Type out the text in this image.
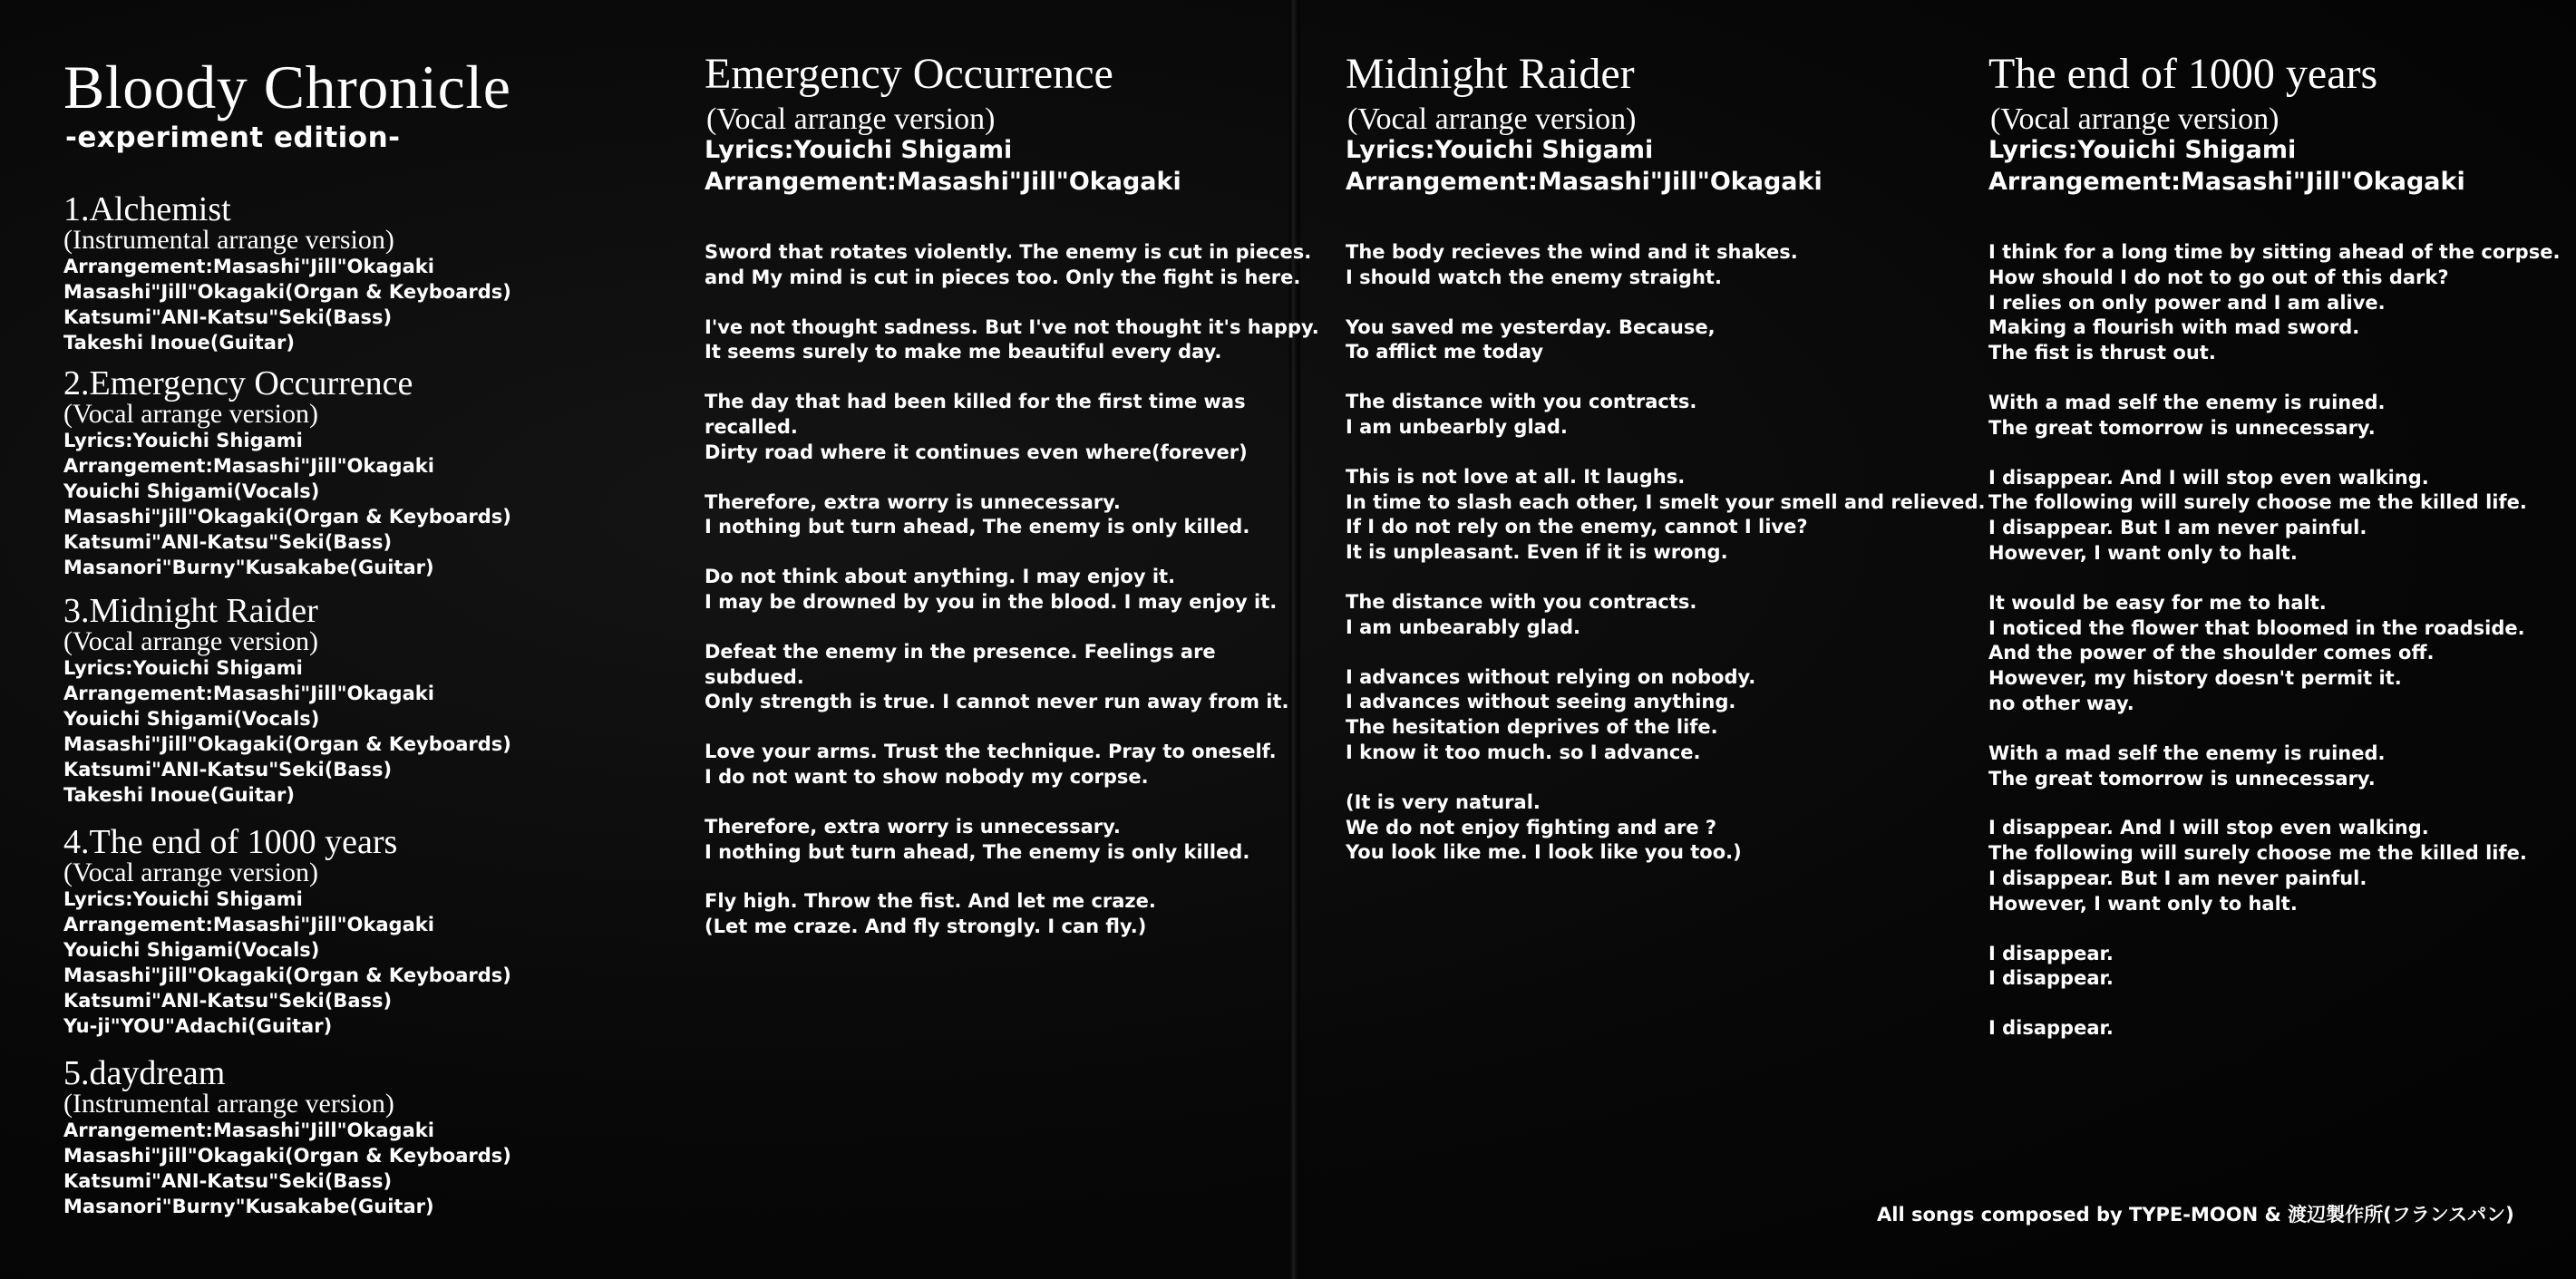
Bloody Chronicle
-experiment edition-
1.Alchemist
(Instrumental arrange version)
Arrangement:Masashi"Jill"Okagaki
Masashi"Jill"Okagaki(Organ & Keyboards)
Katsumi"ANI-Katsu"Seki(Bass)
Takeshi Inoue(Guitar)
2.Emergency Occurrence
(Vocal arrange version)
Lyrics:Youichi Shigami
Arrangement:Masashi"Jill"Okagaki
Youichi Shigami(Vocals)
Masashi"Jill"Okagaki(Organ & Keyboards)
Katsumi"ANI-Katsu"Seki(Bass)
Masanori"Burny"Kusakabe(Guitar)
3.Midnight Raider
(Vocal arrange version)
Lyrics:Youichi Shigami
Arrangement:Masashi"Jill"Okagaki
Youichi Shigami(Vocals)
Masashi"Jill"Okagaki(Organ & Keyboards)
Katsumi"ANI-Katsu"Seki(Bass)
Takeshi Inoue(Guitar)
4.The end of 1000 years
(Vocal arrange version)
Lyrics:Youichi Shigami
Arrangement:Masashi"Jill"Okagaki
Youichi Shigami(Vocals)
Masashi"Jill"Okagaki(Organ & Keyboards)
Katsumi"ANI-Katsu"Seki(Bass)
Yu-ji"YOU"Adachi(Guitar)
5.daydream
(Instrumental arrange version)
Arrangement:Masashi"Jill"Okagaki
Masashi"Jill"Okagaki(Organ & Keyboards)
Katsumi"ANI-Katsu"Seki(Bass)
Masanori"Burny"Kusakabe(Guitar)
Emergency Occurrence
(Vocal arrange version)
Lyrics:Youichi Shigami
Arrangement:Masashi"Jill"Okagaki
Sword that rotates violently. The enemy is cut in pieces.
and My mind is cut in pieces too. Only the fight is here.
I've not thought sadness. But I've not thought it's happy.
It seems surely to make me beautiful every day.
The day that had been killed for the first time was
recalled.
Dirty road where it continues even where(forever)
Therefore, extra worry is unnecessary.
I nothing but turn ahead, The enemy is only killed.
Do not think about anything. I may enjoy it.
I may be drowned by you in the blood. I may enjoy it.
Defeat the enemy in the presence. Feelings are
subdued.
Only strength is true. I cannot never run away from it.
Love your arms. Trust the technique. Pray to oneself.
I do not want to show nobody my corpse.
Therefore, extra worry is unnecessary.
I nothing but turn ahead, The enemy is only killed.
Fly high. Throw the fist. And let me craze.
(Let me craze. And fly strongly. I can fly.)
Midnight Raider
(Vocal arrange version)
Lyrics:Youichi Shigami
Arrangement:Masashi"Jill"Okagaki
The body recieves the wind and it shakes.
I should watch the enemy straight.
You saved me yesterday. Because,
To afflict me today
The distance with you contracts.
I am unbearbly glad.
This is not love at all. It laughs.
In time to slash each other, I smelt your smell and relieved.
If I do not rely on the enemy, cannot I live?
It is unpleasant. Even if it is wrong.
The distance with you contracts.
I am unbearably glad.
I advances without relying on nobody.
I advances without seeing anything.
The hesitation deprives of the life.
I know it too much. so I advance.
(It is very natural.
We do not enjoy fighting and are ?
You look like me. I look like you too.)
The end of 1000 years
(Vocal arrange version)
Lyrics:Youichi Shigami
Arrangement:Masashi"Jill"Okagaki
I think for a long time by sitting ahead of the corpse.
How should I do not to go out of this dark?
I relies on only power and I am alive.
Making a flourish with mad sword.
The fist is thrust out.
With a mad self the enemy is ruined.
The great tomorrow is unnecessary.
I disappear. And I will stop even walking.
The following will surely choose me the killed life.
I disappear. But I am never painful.
However, I want only to halt.
It would be easy for me to halt.
I noticed the flower that bloomed in the roadside.
And the power of the shoulder comes off.
However, my history doesn't permit it.
no other way.
With a mad self the enemy is ruined.
The great tomorrow is unnecessary.
I disappear. And I will stop even walking.
The following will surely choose me the killed life.
I disappear. But I am never painful.
However, I want only to halt.
I disappear.
I disappear.
I disappear.
All songs composed by TYPE-MOON & 渡辺製作所(フランスパン)
